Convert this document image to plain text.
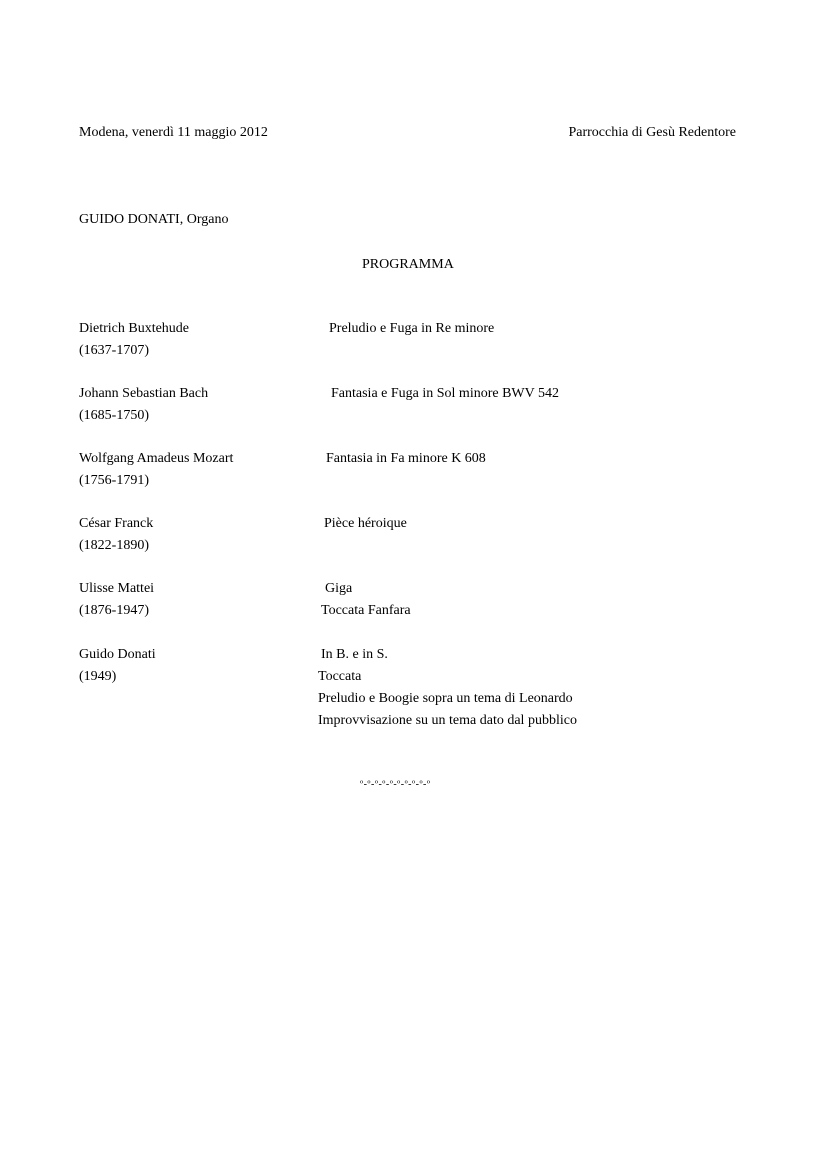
Modena, venerdì 11 maggio 2012	Parrocchia di Gesù Redentore
GUIDO DONATI, Organo
PROGRAMMA
Dietrich Buxtehude
(1637-1707)
Preludio e Fuga in Re minore
Johann Sebastian Bach
(1685-1750)
Fantasia e Fuga in Sol minore BWV 542
Wolfgang Amadeus Mozart
(1756-1791)
Fantasia in Fa minore K 608
César Franck
(1822-1890)
Pièce héroique
Ulisse Mattei
(1876-1947)
Giga
Toccata Fanfara
Guido Donati
(1949)
In B. e in S.
Toccata
Preludio e Boogie sopra un tema di Leonardo
Improvvisazione su un tema dato dal pubblico
º-º-º-º-º-º-º-º-º-º
